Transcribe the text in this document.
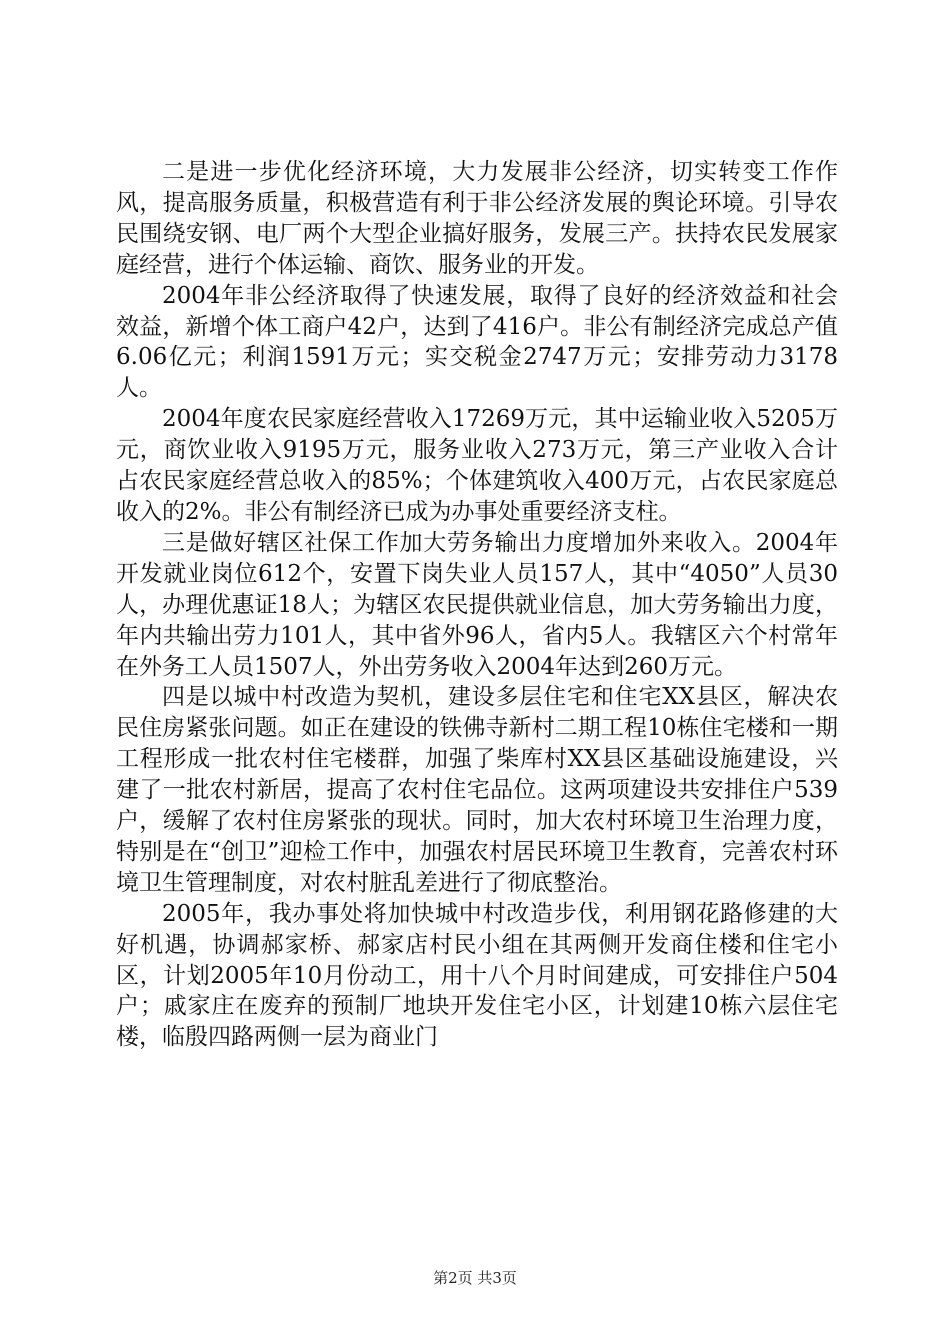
二是进一步优化经济环境，大力发展非公经济，切实转变工作作风，提高服务质量，积极营造有利于非公经济发展的舆论环境。引导农民围绕安钢、电厂两个大型企业搞好服务，发展三产。扶持农民发展家庭经营，进行个体运输、商饮、服务业的开发。

2004年非公经济取得了快速发展，取得了良好的经济效益和社会效益，新增个体工商户42户，达到了416户。非公有制经济完成总产值6.06亿元；利润1591万元；实交税金2747万元；安排劳动力3178人。

2004年度农民家庭经营收入17269万元，其中运输业收入5205万元，商饮业收入9195万元，服务业收入273万元，第三产业收入合计占农民家庭经营总收入的85%；个体建筑收入400万元，占农民家庭总收入的2%。非公有制经济已成为办事处重要经济支柱。

三是做好辖区社保工作加大劳务输出力度增加外来收入。2004年开发就业岗位612个，安置下岗失业人员157人，其中“4050”人员30人，办理优惠证18人；为辖区农民提供就业信息，加大劳务输出力度，年内共输出劳力101人，其中省外96人，省内5人。我辖区六个村常年在外务工人员1507人，外出劳务收入2004年达到260万元。

四是以城中村改造为契机，建设多层住宅和住宅XX县区，解决农民住房紧张问题。如正在建设的铁佛寺新村二期工程10栋住宅楼和一期工程形成一批农村住宅楼群，加强了柴库村XX县区基础设施建设，兴建了一批农村新居，提高了农村住宅品位。这两项建设共安排住户539户，缓解了农村住房紧张的现状。同时，加大农村环境卫生治理力度，特别是在“创卫”迎检工作中，加强农村居民环境卫生教育，完善农村环境卫生管理制度，对农村脏乱差进行了彻底整治。

2005年，我办事处将加快城中村改造步伐，利用钢花路修建的大好机遇，协调郝家桥、郝家店村民小组在其两侧开发商住楼和住宅小区，计划2005年10月份动工，用十八个月时间建成，可安排住户504户；戚家庄在废弃的预制厂地块开发住宅小区，计划建10栋六层住宅楼，临殷四路两侧一层为商业门

第2页 共3页
